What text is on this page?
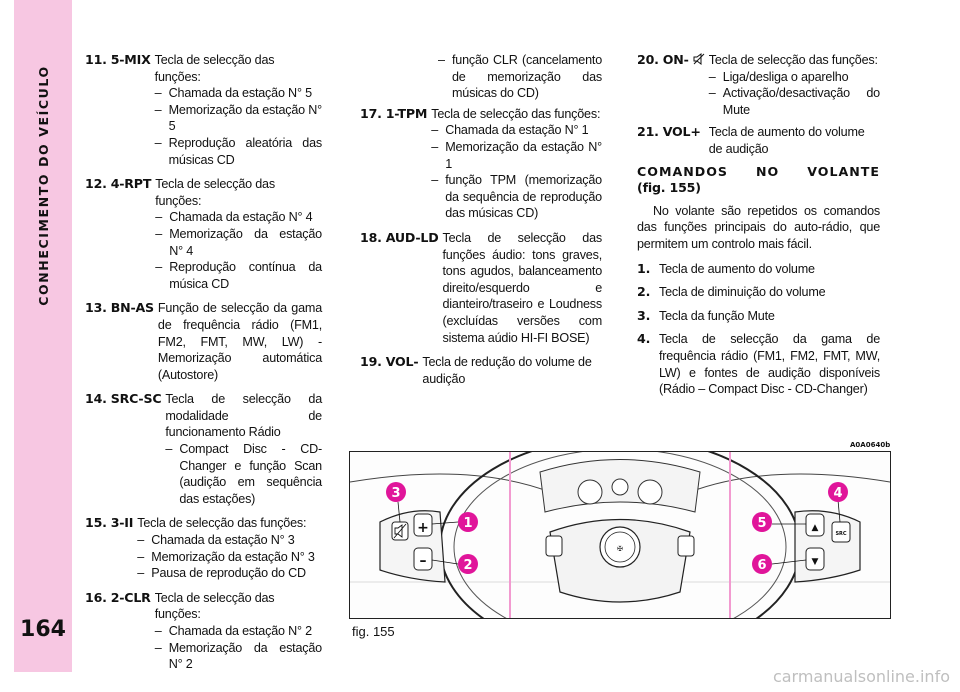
CONHECIMENTO DO VEÍCULO
164
11. 5-MIX Tecla de selecção das funções:
– Chamada da estação N° 5
– Memorização da estação N° 5
– Reprodução aleatória das músicas CD
12. 4-RPT Tecla de selecção das funções:
– Chamada da estação N° 4
– Memorização da estação N° 4
– Reprodução contínua da música CD
13. BN-AS Função de selecção da gama de frequência rádio (FM1, FM2, FMT, MW, LW) - Memorização automática (Autostore)
14. SRC-SC Tecla de selecção da modalidade de funcionamento Rádio
– Compact Disc - CD-Changer e função Scan (audição em sequência das estações)
15. 3-II Tecla de selecção das funções:
– Chamada da estação N° 3
– Memorização da estação N° 3
– Pausa de reprodução do CD
16. 2-CLR Tecla de selecção das funções:
– Chamada da estação N° 2
– Memorização da estação N° 2
– função CLR (cancelamento de memorização das músicas do CD)
17. 1-TPM Tecla de selecção das funções:
– Chamada da estação N° 1
– Memorização da estação N° 1
– função TPM (memorização da sequência de reprodução das músicas CD)
18. AUD-LD Tecla de selecção das funções áudio: tons graves, tons agudos, balanceamento direito/esquerdo e dianteiro/traseiro e Loudness (excluídas versões com sistema aúdio HI-FI BOSE)
19. VOL- Tecla de redução do volume de audição
20. ON-	Tecla de selecção das funções:
– Liga/desliga o aparelho
– Activação/desactivação do Mute
21. VOL+ Tecla de aumento do volume de audição
COMANDOS NO VOLANTE
(fig. 155)
No volante são repetidos os comandos das funções principais do auto-rádio, que permitem um controlo mais fácil.
1. Tecla de aumento do volume
2. Tecla de diminuição do volume
3. Tecla da função Mute
4. Tecla de selecção da gama de frequência rádio (FM1, FM2, FMT, MW, LW) e fontes de audição disponíveis (Rádio – Compact Disc - CD-Changer)
A0A0640b
✠
+
–
▲
▼
SRC
1
2
3	4
5
6
fig. 155
carmanualsonline.info
